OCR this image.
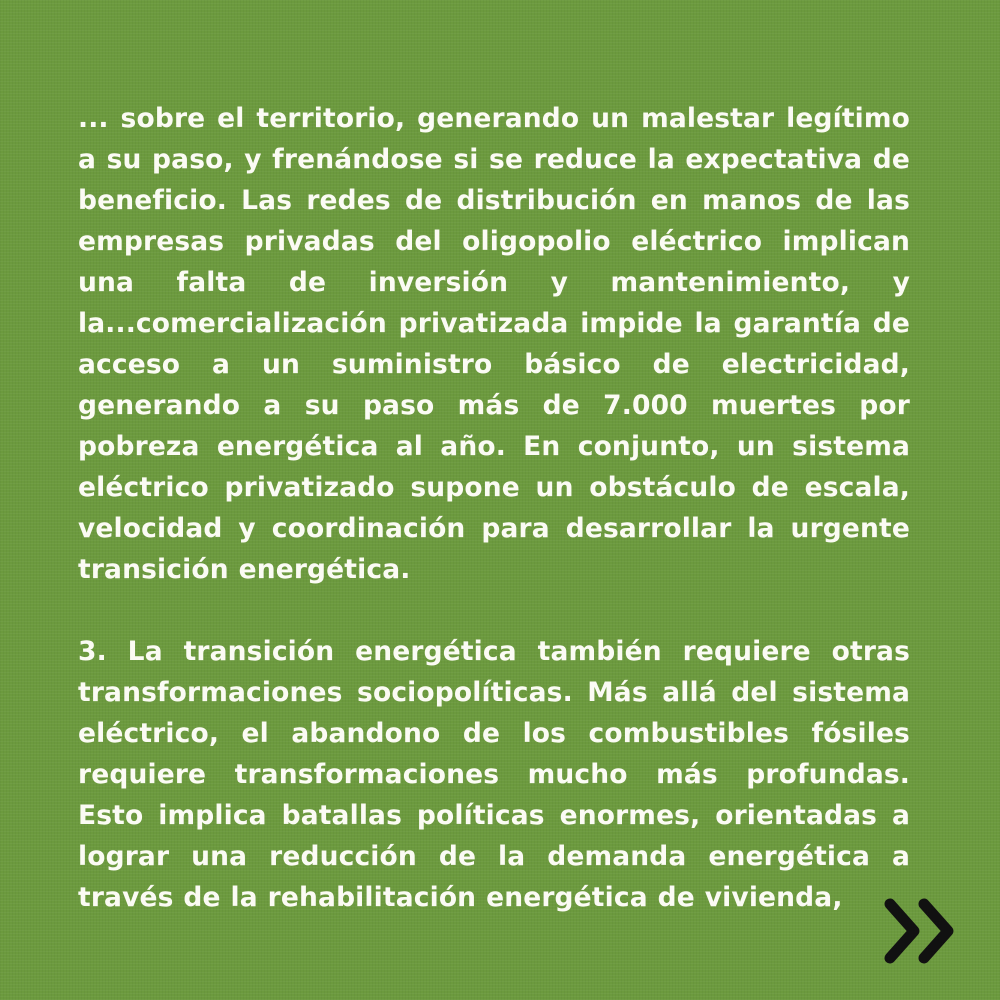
... sobre el territorio, generando un malestar legítimo a su paso, y frenándose si se reduce la expectativa de beneficio. Las redes de distribución en manos de las empresas privadas del oligopolio eléctrico implican una falta de inversión y mantenimiento, y la...comercialización privatizada impide la garantía de acceso a un suministro básico de electricidad, generando a su paso más de 7.000 muertes por pobreza energética al año. En conjunto, un sistema eléctrico privatizado supone un obstáculo de escala, velocidad y coordinación para desarrollar la urgente transición energética.

3. La transición energética también requiere otras transformaciones sociopolíticas. Más allá del sistema eléctrico, el abandono de los combustibles fósiles requiere transformaciones mucho más profundas. Esto implica batallas políticas enormes, orientadas a lograr una reducción de la demanda energética a través de la rehabilitación energética de vivienda,
